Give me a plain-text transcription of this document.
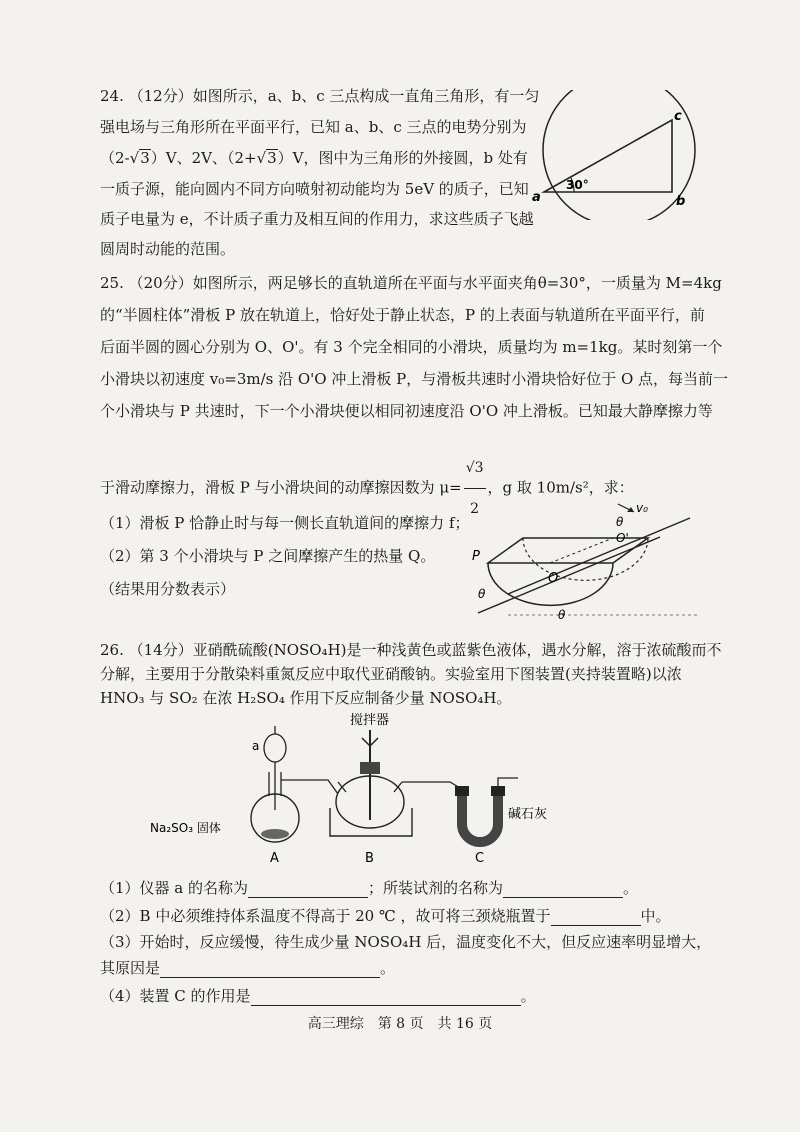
24. （12分）如图所示，a、b、c 三点构成一直角三角形，有一匀
强电场与三角形所在平面平行，已知 a、b、c 三点的电势分别为
（2-√3）V、2V、（2+√3）V，图中为三角形的外接圆，b 处有
一质子源，能向圆内不同方向喷射初动能均为 5eV 的质子，已知
质子电量为 e，不计质子重力及相互间的作用力，求这些质子飞越
圆周时动能的范围。
a	b
c
30°
25. （20分）如图所示，两足够长的直轨道所在平面与水平面夹角θ=30°，一质量为 M=4kg
的“半圆柱体”滑板 P 放在轨道上，恰好处于静止状态，P 的上表面与轨道所在平面平行，前
后面半圆的圆心分别为 O、O'。有 3 个完全相同的小滑块，质量均为 m=1kg。某时刻第一个
小滑块以初速度 v₀=3m/s 沿 O'O 冲上滑板 P，与滑板共速时小滑块恰好位于 O 点，每当前一
个小滑块与 P 共速时，下一个小滑块便以相同初速度沿 O'O 冲上滑板。已知最大静摩擦力等
于滑动摩擦力，滑板 P 与小滑块间的动摩擦因数为 $\mu= \frac{√3}{2}$ ，g 取 10m/s²，求：
（1）滑板 P 恰静止时与每一侧长直轨道间的摩擦力 f；
（2）第 3 个小滑块与 P 之间摩擦产生的热量 Q。
（结果用分数表示）
v₀
θ
O'
P
O
θ
θ
26. （14分）亚硝酰硫酸(NOSO₄H)是一种浅黄色或蓝紫色液体，遇水分解，溶于浓硫酸而不
分解，主要用于分散染料重氮反应中取代亚硝酸钠。实验室用下图装置(夹持装置略)以浓
HNO₃ 与 SO₂ 在浓 H₂SO₄ 作用下反应制备少量 NOSO₄H。
a
Na₂SO₃ 固体
A
搅拌器
B
碱石灰
C
（1）仪器 a 的名称为	；所装试剂的名称为	。
（2）B 中必须维持体系温度不得高于 20 ℃ ，故可将三颈烧瓶置于	中。
（3）开始时，反应缓慢，待生成少量 NOSO₄H 后，温度变化不大，但反应速率明显增大，
其原因是	。
（4）装置 C 的作用是	。
高三理综　第 8 页　共 16 页
